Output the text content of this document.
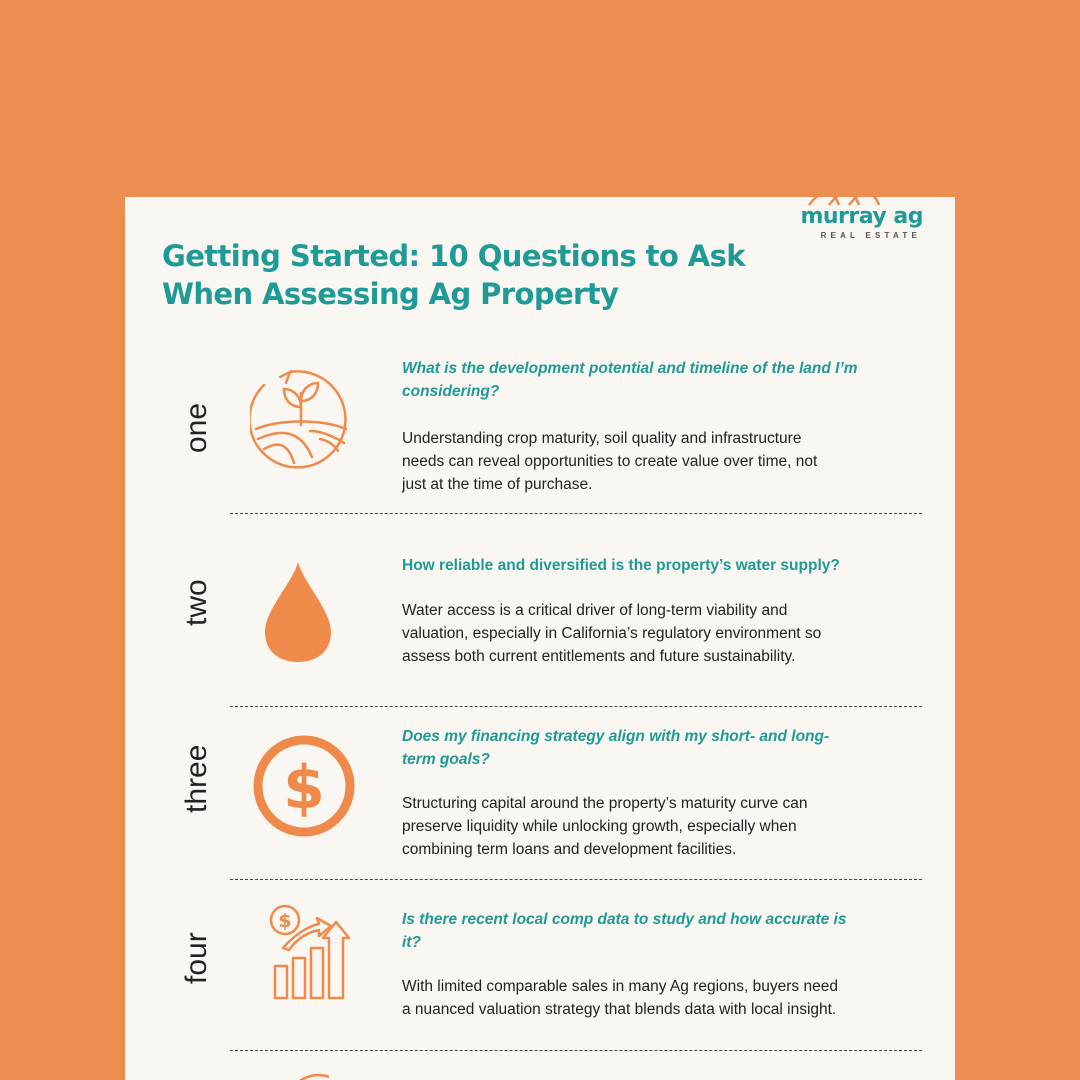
murray ag
REAL ESTATE
Getting Started: 10 Questions to Ask
When Assessing Ag Property
one

What is the development potential and timeline of the land I’m
considering?

Understanding crop maturity, soil quality and infrastructure
needs can reveal opportunities to create value over time, not
just at the time of purchase.

two

How reliable and diversified is the property’s water supply?

Water access is a critical driver of long-term viability and
valuation, especially in California’s regulatory environment so
assess both current entitlements and future sustainability.

three $

Does my financing strategy align with my short- and long-
term goals?

Structuring capital around the property’s maturity curve can
preserve liquidity while unlocking growth, especially when
combining term loans and development facilities.

four
$	Is there recent local comp data to study and how accurate is
it?

With limited comparable sales in many Ag regions, buyers need
a nuanced valuation strategy that blends data with local insight.
